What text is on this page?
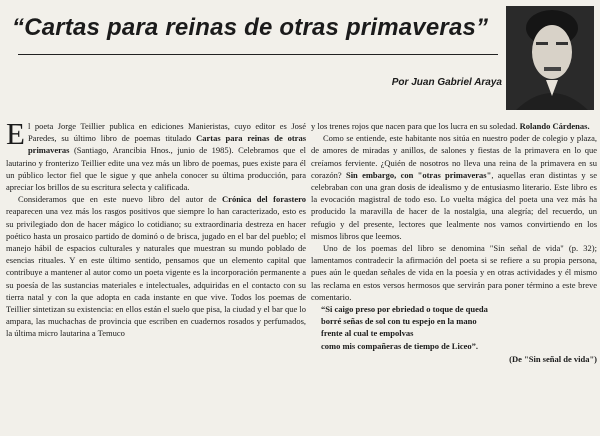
“Cartas para reinas de otras primaveras”
Por Juan Gabriel Araya

El poeta Jorge Teillier publica en ediciones Manieristas, cuyo editor es José Paredes, su último libro de poemas titulado Cartas para reinas de otras primaveras (Santiago, Arancibia Hnos., junio de 1985). Celebramos que el lautarino y fronterizo Teillier edite una vez más un libro de poemas, pues existe para él un público lector fiel que le sigue y que anhela conocer su última producción, para apreciar los brillos de su escritura selecta y calificada.

Consideramos que en este nuevo libro del autor de Crónica del forastero reaparecen una vez más los rasgos positivos que siempre lo han caracterizado, esto es su privilegiado don de hacer mágico lo cotidiano; su extraordinaria destreza en hacer poético hasta un prosaico partido de dominó o de brisca, jugado en el bar del pueblo; el manejo hábil de espacios culturales y naturales que muestran su mundo poblado de esencias rituales. Y en este último sentido, pensamos que un elemento capital que contribuye a mantener al autor como un poeta vigente es la incorporación permanente a su poesía de las sustancias materiales e intelectuales, adquiridas en el contacto con su tierra natal y con la que adopta en cada instante en que vive. Todos los poemas de Teillier sintetizan su existencia: en ellos están el suelo que pisa, la ciudad y el bar que lo ampara, las muchachas de provincia que escriben en cuadernos rosados y perfumados, la última micro lautarina a Temuco

y los trenes rojos que nacen para que los lucra en su soledad. Rolando Cárdenas.

Como se entiende, este habitante nos sitúa en nuestro poder de colegio y plaza, de amores de miradas y anillos, de salones y fiestas de la primavera en lo que creíamos ferviente. ¿Quién de nosotros no lleva una reina de la primavera en su corazón? Sin embargo, con "otras primaveras", aquellas eran distintas y se celebraban con una gran dosis de idealismo y de entusiasmo literario. Este libro es la evocación magistral de todo eso. Lo vuelta mágica del poeta una vez más ha producido la maravilla de hacer de la nostalgia, una alegría; del recuerdo, un refugio y del presente, lectores que lealmente nos vamos convirtiendo en los mismos libros que leemos.

Uno de los poemas del libro se denomina "Sin señal de vida" (p. 32); lamentamos contradecir la afirmación del poeta si se refiere a su propia persona, pues aún le quedan señales de vida en la poesía y en otras actividades y él mismo las reclama en estos versos hermosos que servirán para poner término a este breve comentario.

“Si caigo preso por ebriedad o toque de queda
borré señas de sol con tu espejo en la mano
frente al cual te empolvas
como mis compañeras de tiempo de Liceo”.
(De "Sin señal de vida")
